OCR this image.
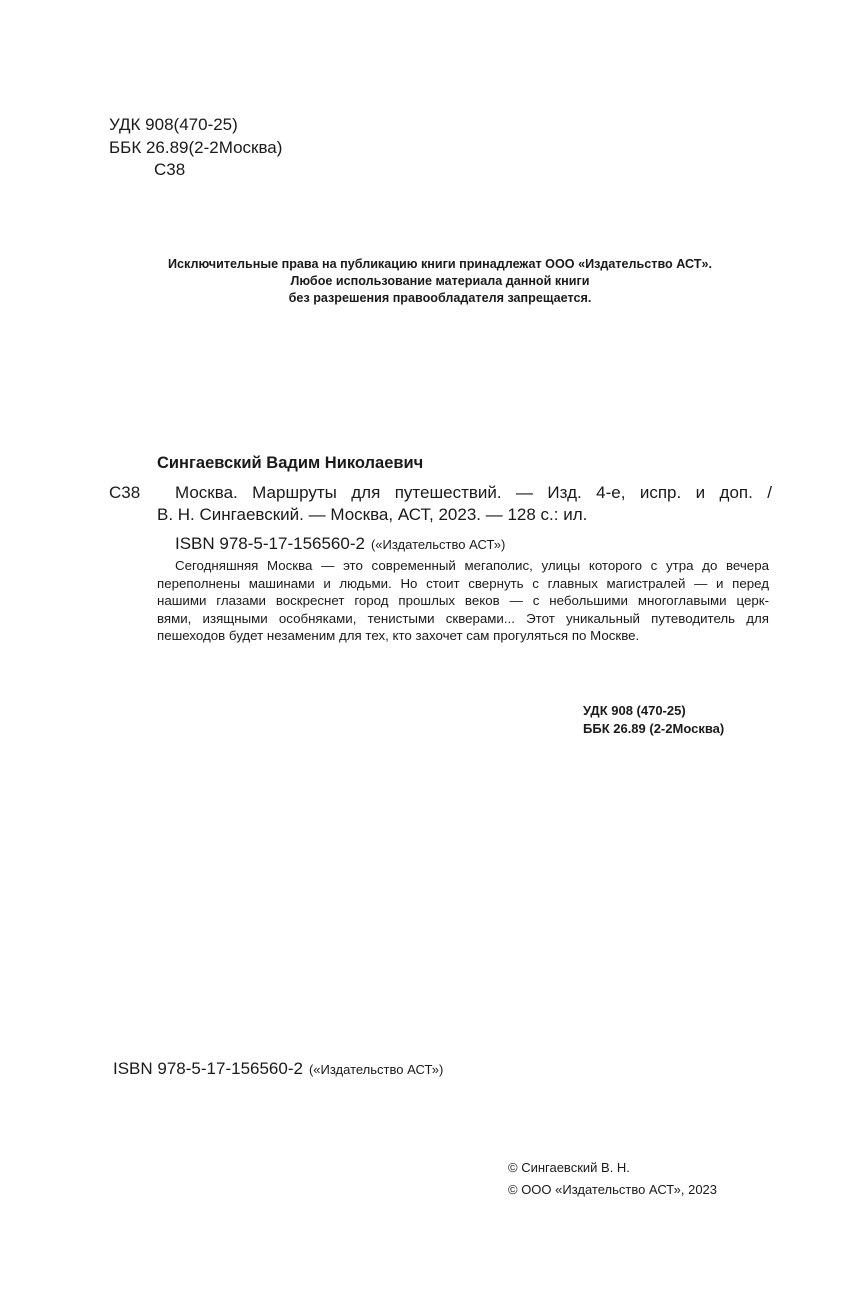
УДК 908(470-25)
ББК 26.89(2-2Москва)
С38
Исключительные права на публикацию книги принадлежат ООО «Издательство АСТ».
Любое использование материала данной книги
без разрешения правообладателя запрещается.
Сингаевский Вадим Николаевич
С38 Москва. Маршруты для путешествий. — Изд. 4-е, испр. и доп. /
В. Н. Сингаевский. — Москва, АСТ, 2023. — 128 с.: ил.
ISBN 978-5-17-156560-2 («Издательство АСТ»)
Сегодняшняя Москва — это современный мегаполис, улицы которого с утра до вечера
переполнены машинами и людьми. Но стоит свернуть с главных магистралей — и перед
нашими глазами воскреснет город прошлых веков — с небольшими многоглавыми церк-
вями, изящными особняками, тенистыми скверами... Этот уникальный путеводитель для
пешеходов будет незаменим для тех, кто захочет сам прогуляться по Москве.
УДК 908 (470-25)
ББК 26.89 (2-2Москва)
ISBN 978-5-17-156560-2 («Издательство АСТ»)
© Сингаевский В. Н.
© ООО «Издательство АСТ», 2023
